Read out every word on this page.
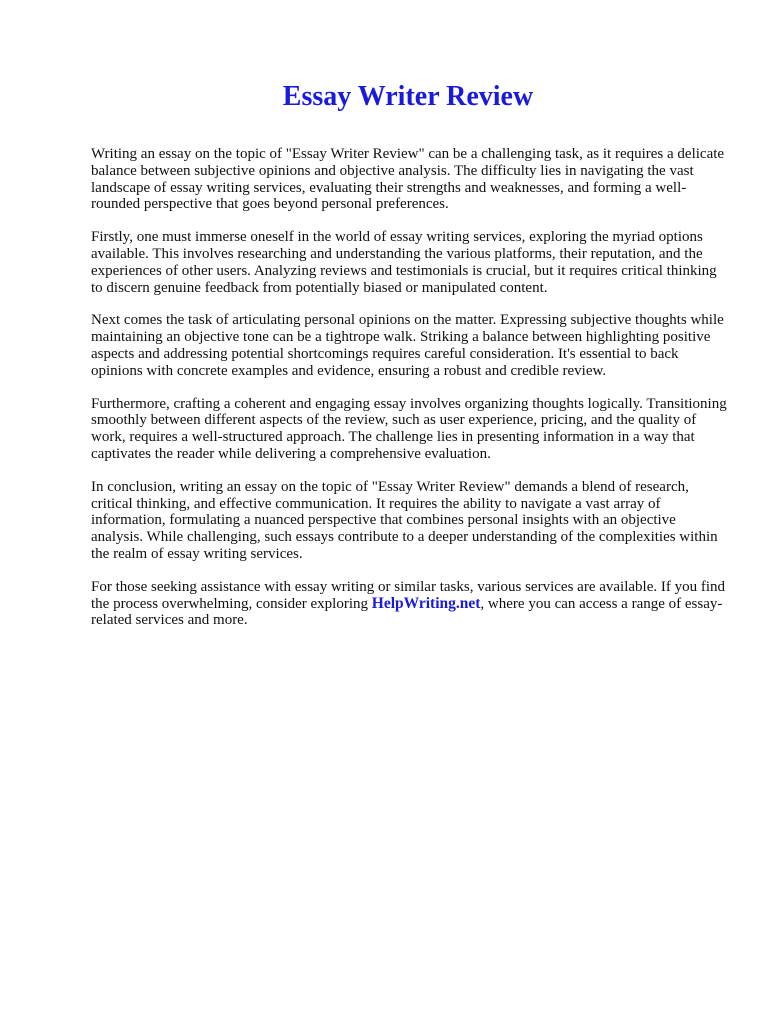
Essay Writer Review

Writing an essay on the topic of "Essay Writer Review" can be a challenging task, as it requires a delicate balance between subjective opinions and objective analysis. The difficulty lies in navigating the vast landscape of essay writing services, evaluating their strengths and weaknesses, and forming a well-rounded perspective that goes beyond personal preferences.

Firstly, one must immerse oneself in the world of essay writing services, exploring the myriad options available. This involves researching and understanding the various platforms, their reputation, and the experiences of other users. Analyzing reviews and testimonials is crucial, but it requires critical thinking to discern genuine feedback from potentially biased or manipulated content.

Next comes the task of articulating personal opinions on the matter. Expressing subjective thoughts while maintaining an objective tone can be a tightrope walk. Striking a balance between highlighting positive aspects and addressing potential shortcomings requires careful consideration. It's essential to back opinions with concrete examples and evidence, ensuring a robust and credible review.

Furthermore, crafting a coherent and engaging essay involves organizing thoughts logically. Transitioning smoothly between different aspects of the review, such as user experience, pricing, and the quality of work, requires a well-structured approach. The challenge lies in presenting information in a way that captivates the reader while delivering a comprehensive evaluation.

In conclusion, writing an essay on the topic of "Essay Writer Review" demands a blend of research, critical thinking, and effective communication. It requires the ability to navigate a vast array of information, formulating a nuanced perspective that combines personal insights with an objective analysis. While challenging, such essays contribute to a deeper understanding of the complexities within the realm of essay writing services.

For those seeking assistance with essay writing or similar tasks, various services are available. If you find the process overwhelming, consider exploring HelpWriting.net, where you can access a range of essay-related services and more.
